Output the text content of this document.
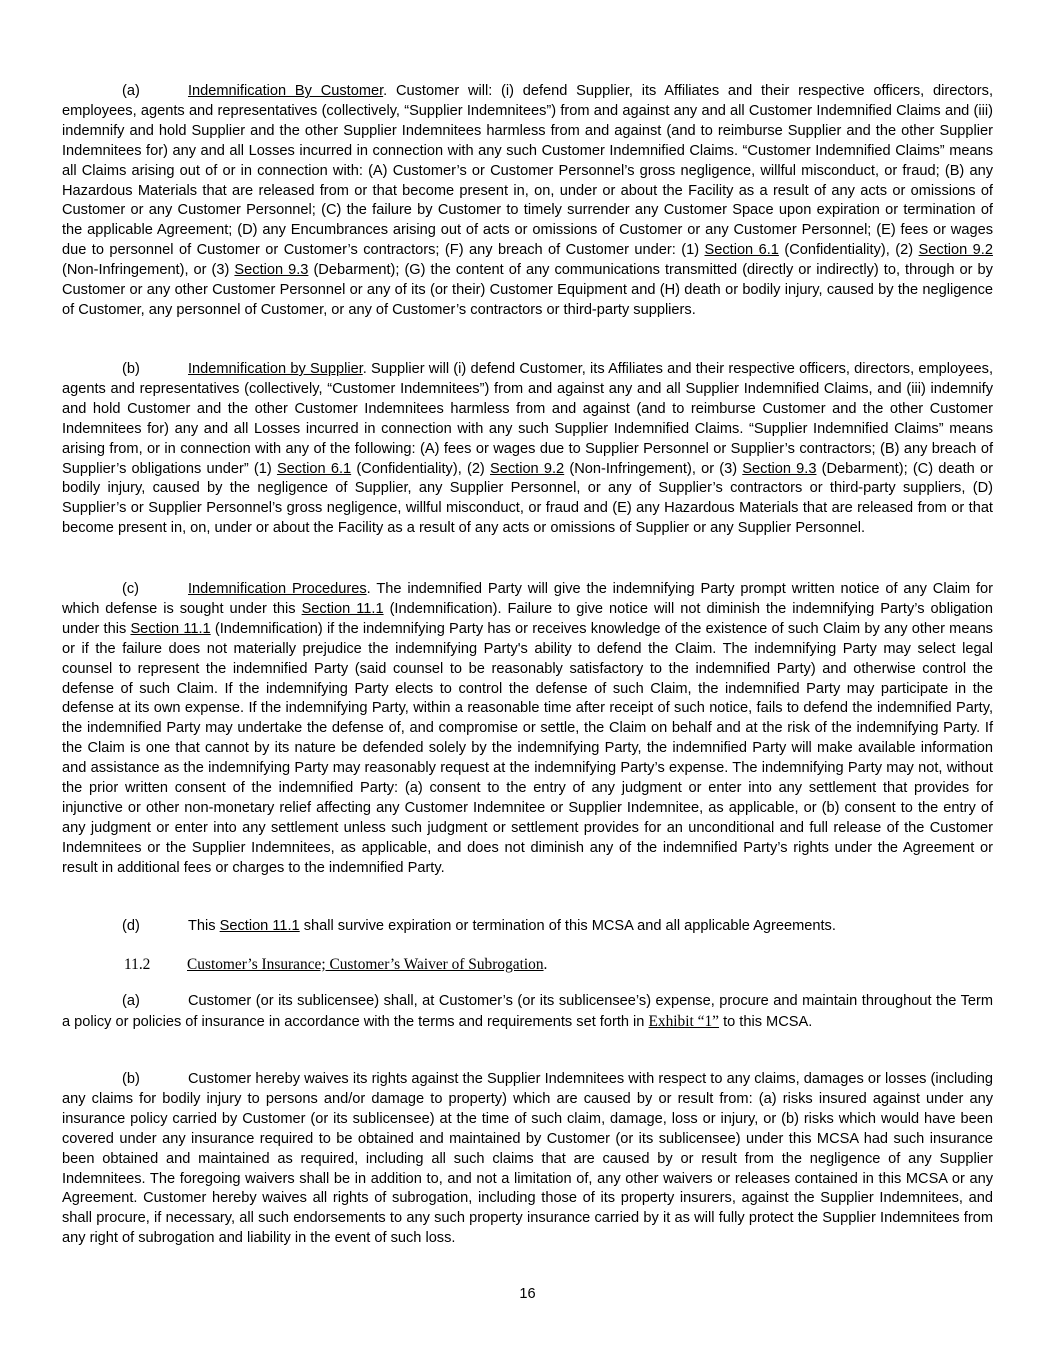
(a)	Indemnification By Customer. Customer will: (i) defend Supplier, its Affiliates and their respective officers, directors, employees, agents and representatives (collectively, “Supplier Indemnitees”) from and against any and all Customer Indemnified Claims and (iii) indemnify and hold Supplier and the other Supplier Indemnitees harmless from and against (and to reimburse Supplier and the other Supplier Indemnitees for) any and all Losses incurred in connection with any such Customer Indemnified Claims. “Customer Indemnified Claims” means all Claims arising out of or in connection with: (A) Customer’s or Customer Personnel’s gross negligence, willful misconduct, or fraud; (B) any Hazardous Materials that are released from or that become present in, on, under or about the Facility as a result of any acts or omissions of Customer or any Customer Personnel; (C) the failure by Customer to timely surrender any Customer Space upon expiration or termination of the applicable Agreement; (D) any Encumbrances arising out of acts or omissions of Customer or any Customer Personnel; (E) fees or wages due to personnel of Customer or Customer’s contractors; (F) any breach of Customer under: (1) Section 6.1 (Confidentiality), (2) Section 9.2 (Non-Infringement), or (3) Section 9.3 (Debarment); (G) the content of any communications transmitted (directly or indirectly) to, through or by Customer or any other Customer Personnel or any of its (or their) Customer Equipment and (H) death or bodily injury, caused by the negligence of Customer, any personnel of Customer, or any of Customer’s contractors or third-party suppliers.

(b)	Indemnification by Supplier. Supplier will (i) defend Customer, its Affiliates and their respective officers, directors, employees, agents and representatives (collectively, “Customer Indemnitees”) from and against any and all Supplier Indemnified Claims, and (iii) indemnify and hold Customer and the other Customer Indemnitees harmless from and against (and to reimburse Customer and the other Customer Indemnitees for) any and all Losses incurred in connection with any such Supplier Indemnified Claims. “Supplier Indemnified Claims” means arising from, or in connection with any of the following: (A) fees or wages due to Supplier Personnel or Supplier’s contractors; (B) any breach of Supplier’s obligations under” (1) Section 6.1 (Confidentiality), (2) Section 9.2 (Non-Infringement), or (3) Section 9.3 (Debarment); (C) death or bodily injury, caused by the negligence of Supplier, any Supplier Personnel, or any of Supplier’s contractors or third-party suppliers, (D) Supplier’s or Supplier Personnel’s gross negligence, willful misconduct, or fraud and (E) any Hazardous Materials that are released from or that become present in, on, under or about the Facility as a result of any acts or omissions of Supplier or any Supplier Personnel.

(c)	Indemnification Procedures. The indemnified Party will give the indemnifying Party prompt written notice of any Claim for which defense is sought under this Section 11.1 (Indemnification). Failure to give notice will not diminish the indemnifying Party’s obligation under this Section 11.1 (Indemnification) if the indemnifying Party has or receives knowledge of the existence of such Claim by any other means or if the failure does not materially prejudice the indemnifying Party's ability to defend the Claim. The indemnifying Party may select legal counsel to represent the indemnified Party (said counsel to be reasonably satisfactory to the indemnified Party) and otherwise control the defense of such Claim. If the indemnifying Party elects to control the defense of such Claim, the indemnified Party may participate in the defense at its own expense. If the indemnifying Party, within a reasonable time after receipt of such notice, fails to defend the indemnified Party, the indemnified Party may undertake the defense of, and compromise or settle, the Claim on behalf and at the risk of the indemnifying Party. If the Claim is one that cannot by its nature be defended solely by the indemnifying Party, the indemnified Party will make available information and assistance as the indemnifying Party may reasonably request at the indemnifying Party’s expense. The indemnifying Party may not, without the prior written consent of the indemnified Party: (a) consent to the entry of any judgment or enter into any settlement that provides for injunctive or other non-monetary relief affecting any Customer Indemnitee or Supplier Indemnitee, as applicable, or (b) consent to the entry of any judgment or enter into any settlement unless such judgment or settlement provides for an unconditional and full release of the Customer Indemnitees or the Supplier Indemnitees, as applicable, and does not diminish any of the indemnified Party’s rights under the Agreement or result in additional fees or charges to the indemnified Party.

(d)	This Section 11.1 shall survive expiration or termination of this MCSA and all applicable Agreements.

11.2 Customer’s Insurance; Customer’s Waiver of Subrogation.

(a)	Customer (or its sublicensee) shall, at Customer’s (or its sublicensee’s) expense, procure and maintain throughout the Term a policy or policies of insurance in accordance with the terms and requirements set forth in Exhibit “1” to this MCSA.

(b)	Customer hereby waives its rights against the Supplier Indemnitees with respect to any claims, damages or losses (including any claims for bodily injury to persons and/or damage to property) which are caused by or result from: (a) risks insured against under any insurance policy carried by Customer (or its sublicensee) at the time of such claim, damage, loss or injury, or (b) risks which would have been covered under any insurance required to be obtained and maintained by Customer (or its sublicensee) under this MCSA had such insurance been obtained and maintained as required, including all such claims that are caused by or result from the negligence of any Supplier Indemnitees. The foregoing waivers shall be in addition to, and not a limitation of, any other waivers or releases contained in this MCSA or any Agreement. Customer hereby waives all rights of subrogation, including those of its property insurers, against the Supplier Indemnitees, and shall procure, if necessary, all such endorsements to any such property insurance carried by it as will fully protect the Supplier Indemnitees from any right of subrogation and liability in the event of such loss.

16
